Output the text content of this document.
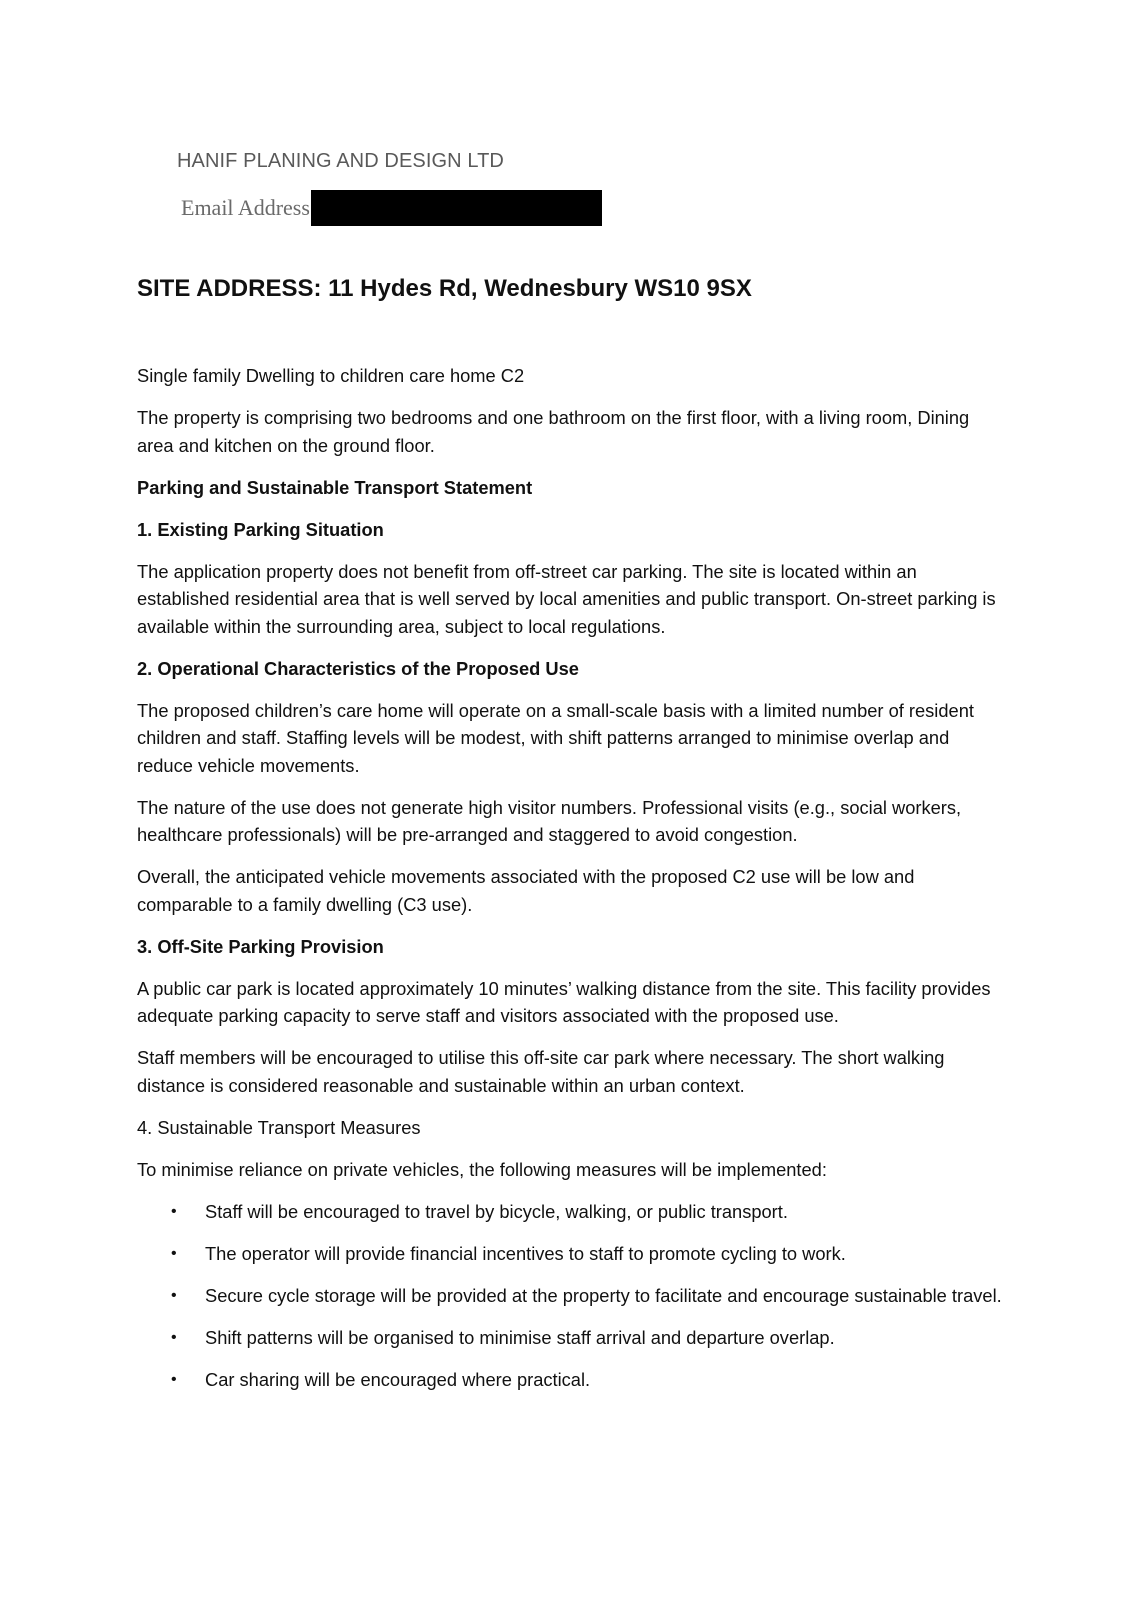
HANIF PLANING AND DESIGN LTD
Email Address
SITE ADDRESS: 11 Hydes Rd, Wednesbury WS10 9SX

Single family Dwelling to children care home C2

The property is comprising two bedrooms and one bathroom on the first floor, with a living room, Dining area and kitchen on the ground floor.

Parking and Sustainable Transport Statement

1. Existing Parking Situation

The application property does not benefit from off-street car parking. The site is located within an established residential area that is well served by local amenities and public transport. On-street parking is available within the surrounding area, subject to local regulations.

2. Operational Characteristics of the Proposed Use

The proposed children’s care home will operate on a small-scale basis with a limited number of resident children and staff. Staffing levels will be modest, with shift patterns arranged to minimise overlap and reduce vehicle movements.

The nature of the use does not generate high visitor numbers. Professional visits (e.g., social workers, healthcare professionals) will be pre-arranged and staggered to avoid congestion.

Overall, the anticipated vehicle movements associated with the proposed C2 use will be low and comparable to a family dwelling (C3 use).

3. Off-Site Parking Provision

A public car park is located approximately 10 minutes’ walking distance from the site. This facility provides adequate parking capacity to serve staff and visitors associated with the proposed use.

Staff members will be encouraged to utilise this off-site car park where necessary. The short walking distance is considered reasonable and sustainable within an urban context.

4. Sustainable Transport Measures

To minimise reliance on private vehicles, the following measures will be implemented:

• Staff will be encouraged to travel by bicycle, walking, or public transport.
• The operator will provide financial incentives to staff to promote cycling to work.
• Secure cycle storage will be provided at the property to facilitate and encourage sustainable travel.
• Shift patterns will be organised to minimise staff arrival and departure overlap.
• Car sharing will be encouraged where practical.
